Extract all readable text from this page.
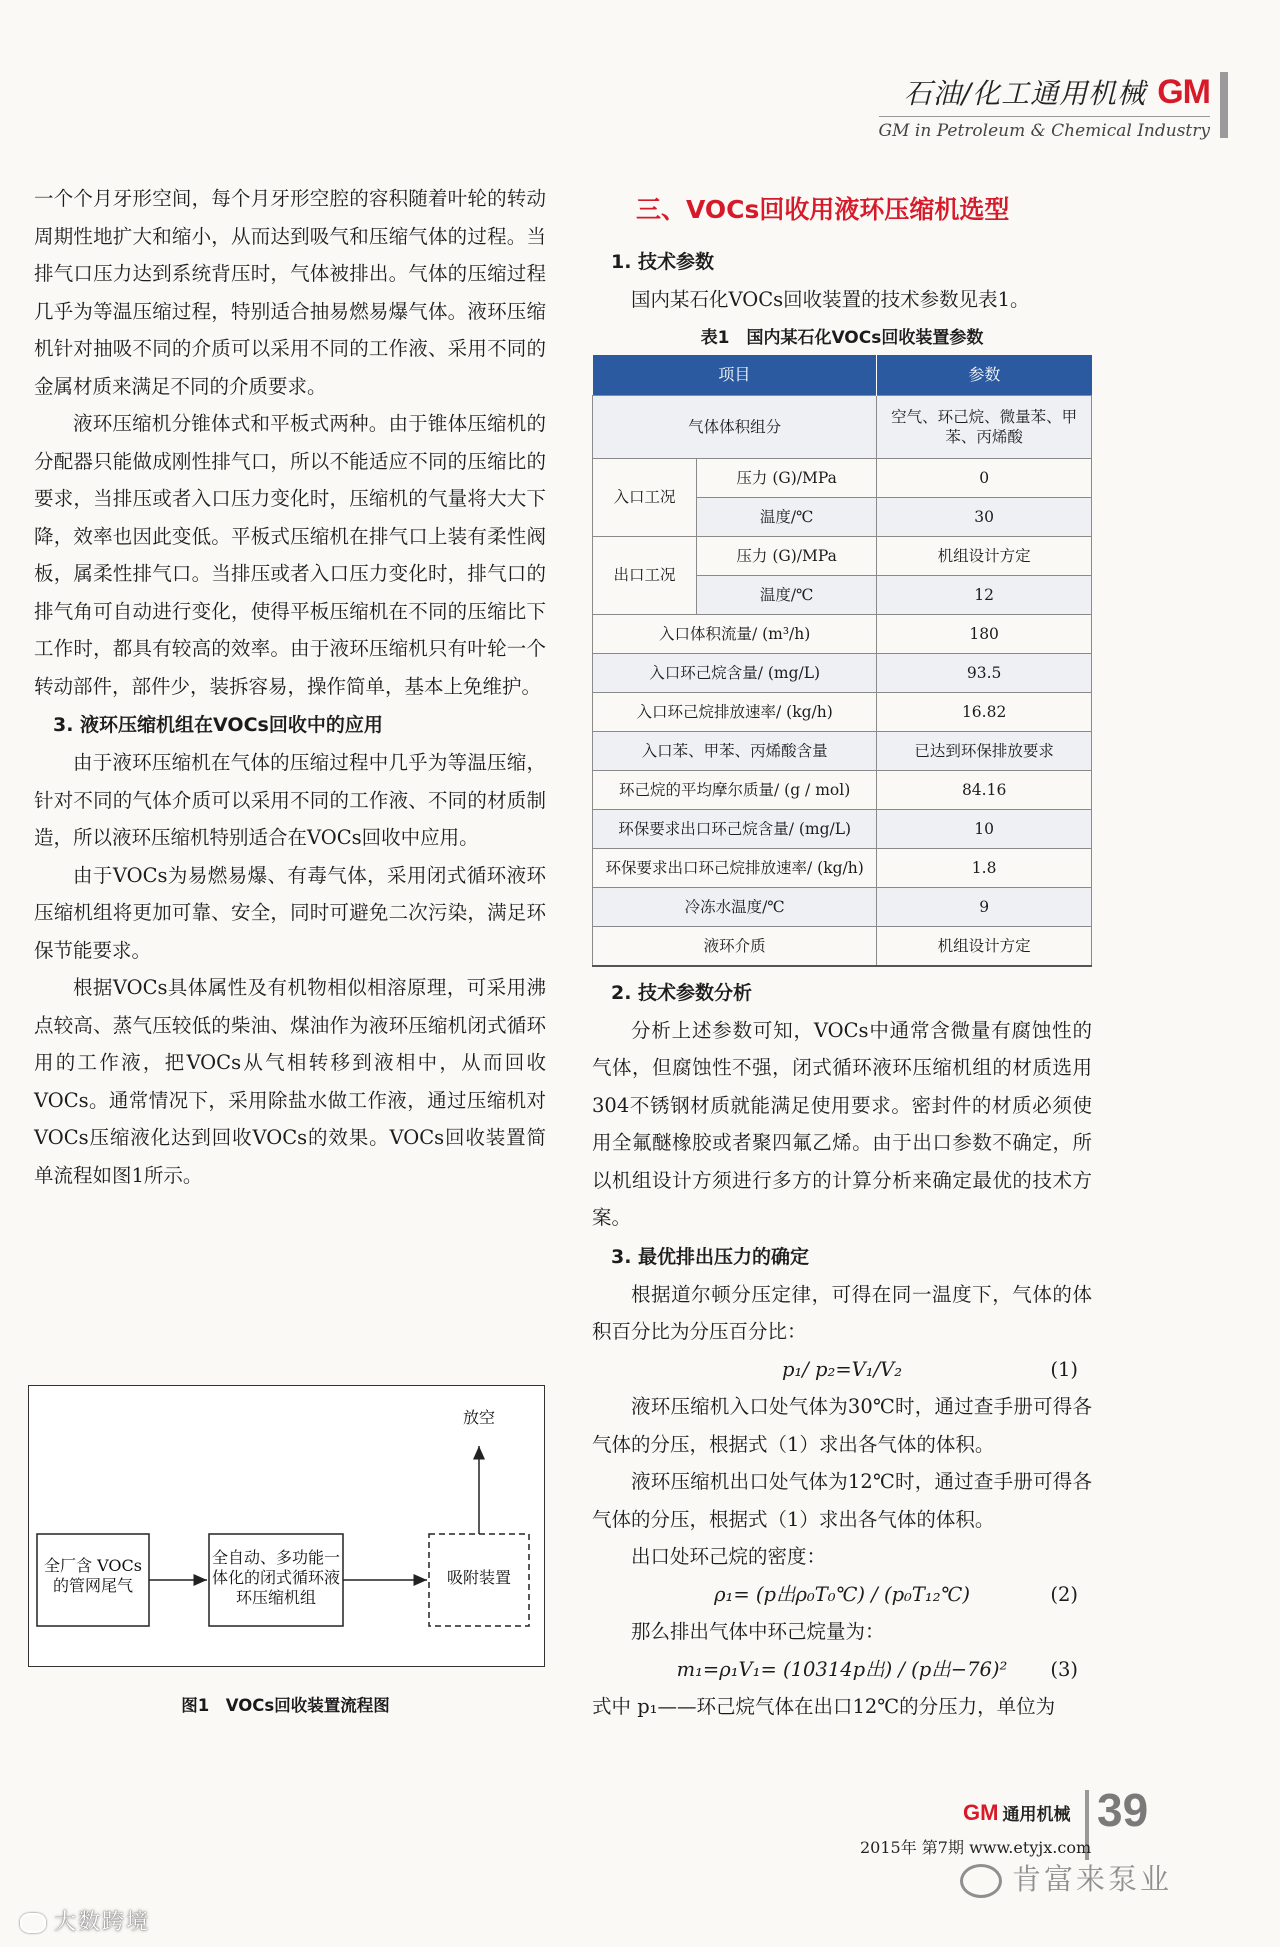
石油/化工通用机械 GM
GM in Petroleum & Chemical Industry

一个个月牙形空间，每个月牙形空腔的容积随着叶轮的转动周期性地扩大和缩小，从而达到吸气和压缩气体的过程。当排气口压力达到系统背压时，气体被排出。气体的压缩过程几乎为等温压缩过程，特别适合抽易燃易爆气体。液环压缩机针对抽吸不同的介质可以采用不同的工作液、采用不同的金属材质来满足不同的介质要求。

液环压缩机分锥体式和平板式两种。由于锥体压缩机的分配器只能做成刚性排气口，所以不能适应不同的压缩比的要求，当排压或者入口压力变化时，压缩机的气量将大大下降，效率也因此变低。平板式压缩机在排气口上装有柔性阀板，属柔性排气口。当排压或者入口压力变化时，排气口的排气角可自动进行变化，使得平板压缩机在不同的压缩比下工作时，都具有较高的效率。由于液环压缩机只有叶轮一个转动部件，部件少，装拆容易，操作简单，基本上免维护。

3. 液环压缩机组在VOCs回收中的应用

由于液环压缩机在气体的压缩过程中几乎为等温压缩，针对不同的气体介质可以采用不同的工作液、不同的材质制造，所以液环压缩机特别适合在VOCs回收中应用。

由于VOCs为易燃易爆、有毒气体，采用闭式循环液环压缩机组将更加可靠、安全，同时可避免二次污染，满足环保节能要求。

根据VOCs具体属性及有机物相似相溶原理，可采用沸点较高、蒸气压较低的柴油、煤油作为液环压缩机闭式循环用的工作液，把VOCs从气相转移到液相中，从而回收VOCs。通常情况下，采用除盐水做工作液，通过压缩机对VOCs压缩液化达到回收VOCs的效果。VOCs回收装置简单流程如图1所示。

全厂含 VOCs的管网尾气
全自动、多功能一体化的闭式循环液环压缩机组
吸附装置
放空
图1　VOCs回收装置流程图
三、VOCs回收用液环压缩机选型
1. 技术参数

国内某石化VOCs回收装置的技术参数见表1。

表1　国内某石化VOCs回收装置参数
项目		参数
气体体积组分		空气、环己烷、微量苯、甲苯、丙烯酸
入口工况	压力 (G)/MPa	0
	温度/℃	30
出口工况	压力 (G)/MPa	机组设计方定
	温度/℃	12
入口体积流量/ (m³/h)		180
入口环己烷含量/ (mg/L)		93.5
入口环己烷排放速率/ (kg/h)		16.82
入口苯、甲苯、丙烯酸含量		已达到环保排放要求
环己烷的平均摩尔质量/ (g / mol)		84.16
环保要求出口环己烷含量/ (mg/L)		10
环保要求出口环己烷排放速率/ (kg/h)		1.8
冷冻水温度/℃		9
液环介质		机组设计方定
2. 技术参数分析

分析上述参数可知，VOCs中通常含微量有腐蚀性的气体，但腐蚀性不强，闭式循环液环压缩机组的材质选用304不锈钢材质就能满足使用要求。密封件的材质必须使用全氟醚橡胶或者聚四氟乙烯。由于出口参数不确定，所以机组设计方须进行多方的计算分析来确定最优的技术方案。

3. 最优排出压力的确定

根据道尔顿分压定律，可得在同一温度下，气体的体积百分比为分压百分比：

p₁/ p₂=V₁/V₂	(1)

液环压缩机入口处气体为30℃时，通过查手册可得各气体的分压，根据式（1）求出各气体的体积。

液环压缩机出口处气体为12℃时，通过查手册可得各气体的分压，根据式（1）求出各气体的体积。

出口处环己烷的密度：

ρ₁= (p出ρ₀T₀℃) / (p₀T₁₂℃)	(2)

那么排出气体中环己烷量为：

m₁=ρ₁V₁= (10314p出) / (p出−76)² (3)

式中 p₁——环己烷气体在出口12℃的分压力，单位为

GM 通用机械 39
2015年 第7期 www.etyjx.com
肯富来泵业
大数跨境
